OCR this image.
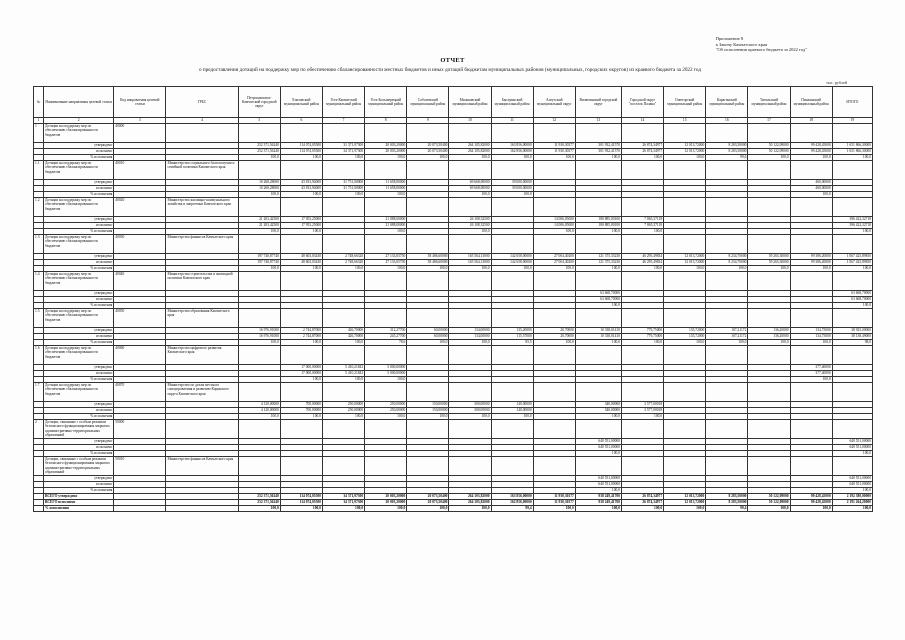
Приложение 8
к Закону Камчатского края
"Об исполнении краевого бюджета за 2022 год"
ОТЧЕТ
о предоставлении дотаций на поддержку мер по обеспечению сбалансированности местных бюджетов и иных дотаций бюджетам муниципальных районов (муниципальных, городских округов) из краевого бюджета за 2022 год
тыс. рублей
№	Наименование направления целевой статьи	Код направления целевой статьи	ГРБС	Петропавловск-Камчатский городской округ	Елизовский муниципальный район	Усть-Камчатский муниципальный район	Усть-Большерецкий муниципальный район	Соболевский муниципальный район	Мильковский муниципальный район	Быстринский муниципальный район	Алеутский муниципальный округ	Вилючинский городской округ	Городской округ "поселок Палана"	Олюторский муниципальный район	Карагинский муниципальный район	Тигильский муниципальный район	Пенжинский муниципальный район	ИТОГО
1	2	3	4	5	6	7	8	9	10	11	12	13	14	15	16	17	18	19
1	Дотации на поддержку мер по обеспечению сбалансированности бюджетов	40000																
	утверждено			252 371,56240	114 074,05500	31 371,97300	20 003,20000	20 073,50400	264 105,82000	163 856,00000	11 930,30377	301 932,41570	26 874,34977	12 013,72000	8 283,50000	50 122,09000	99 428,45000	1 651 866,30000
	исполнено			252 371,56240	114 074,05500	34 371,97300	20 003,20000	20 073,50400	264 105,82000	162 856,00000	11 930,30377	301 932,41570	26 874,34977	12 013,72000	8 283,50000	50 122,09000	99 428,45000	1 651 866,30000
	% исполнения			100,0	100,0	100,0	100,0	100,0	100,0	100,0	100,0	100,0	100,0	100,0	99,6	100,0	100,0	100,0
1.1	Дотации на поддержку мер по обеспечению сбалансированности бюджетов	40010	Министерство социального благополучия и семейной политики Камчатского края															
	утверждено			10 268,28000	43 813,94000	31 751,00000	11 658,00000		69 668,00000	39 000,00000							460,00000	
	исполнено			10 268,28000	43 813,94000	31 751,00000	11 658,00000		69 668,00000	39 000,00000							460,00000	
	% исполнения			100,0	100,0	100,0	100,0		100,0	100,0							100,0	
1.2	Дотации на поддержку мер по обеспечению сбалансированности бюджетов	40020	Министерство жилищно-коммунального хозяйства и энергетики Камчатского края															
	утверждено			21 203,42500	17 953,25000		21 088,00000		26 108,32500		14 006,05000	180 885,00100	7 865,37118					396 422,32718
	исполнено			21 203,42500	17 953,25000		21 088,00000		26 108,32500		14 006,05000	180 885,00100	7 865,37118					396 422,32718
	% исполнения			100,0	100,0		100,0		100,0		100,0	100,0	100,0					100,0
1.3	Дотации на поддержку мер по обеспечению сбалансированности бюджетов	40030	Министерство финансов Камчатского края															
	утверждено			197 740,87740	48 603,03430	2 748,66320	27 133,05750	58 486,60000	165 564,13000	142 658,00000	27 004,40200	121 375,33230	46 295,49834	12 013,72000	8 234,70000	59 265,30000	99 386,20000	1 067 425,89850
	исполнено			197 740,87740	48 603,03430	2 748,66320	27 133,05750	58 486,60000	165 564,13000	142 658,00000	27 004,40200	121 375,33230	46 295,49834	12 013,72000	8 234,70000	59 265,30000	99 386,20000	1 067 425,89850
	% исполнения			100,0	100,0	100,0	100,0	100,0	100,0	100,0	100,0	100,0	100,0	100,0	100,0	100,0	100,0	100,0
1.4	Дотации на поддержку мер по обеспечению сбалансированности бюджетов	40040	Министерство строительства и жилищной политики Камчатского края															
	утверждено											63 668,70000						63 668,70000
	исполнено											63 668,70000						63 668,70000
	% исполнения											100,0						100,0
1.5	Дотации на поддержку мер по обеспечению сбалансированности бюджетов	40050	Министерство образования Камчатского края															
	утверждено			16 976,91000	2 744,87000	426,70000	312,27700	60,00000	134,00000	135,20000	20,70000	10 338,01410	779,75000	135,72000	107,21172	136,20000	134,75000	38 925,00000
	исполнено			16 976,91000	2 744,87000	426,70000	245,27700	60,00000	134,00000	115,57000	20,70000	10 338,01410	779,75000	135,72000	107,21172	136,20000	134,75000	38 138,49000
	% исполнения			100,0	100,0	100,0	78,6	100,0	100,0	85,5	100,0	100,0	100,0	100,0	100,0	100,0	100,0	98,0
1.6	Дотации на поддержку мер по обеспечению сбалансированности бюджетов	40060	Министерство цифрового развития Камчатского края															
	утверждено				17 000,00000	5 410,21843	5 000,00000										377,40000	
	исполнено				17 000,00000	5 410,21843	5 000,00000										377,40000	
	% исполнения				100,0	100,0	100,0										100,0	
1.7	Дотации на поддержку мер по обеспечению сбалансированности бюджетов	40070	Министерство по делам местного самоуправления и развитию Корякского округа Камчатского края															
	утверждено			4 120,00000	700,00000	250,00000	250,00000	150,00000	300,00000	140,00000		340,00000	3 577,00018					
	исполнено			4 120,00000	700,00000	250,00000	250,00000	150,00000	300,00000	140,00000		340,00000	3 577,00018					
	% исполнения			100,0	100,0	100,0	100,0	100,0	100,0	100,0		100,0	100,0					
2	Дотации, связанные с особым режимом безопасного функционирования закрытых административно-территориальных образований	50000																
	утверждено											640 551,00000						640 551,00000
	исполнено											640 551,00000						640 551,00000
	% исполнения											100,0						100,0
	Дотации, связанные с особым режимом безопасного функционирования закрытых административно-территориальных образований	50010	Министерство финансов Камчатского края															
	утверждено											640 551,00000						640 551,00000
	исполнено											640 551,00000						640 551,00000
	% исполнения											100,0						100,0
	ВСЕГО утверждено			252 371,56240	114 074,05500	34 371,97300	20 003,20000	20 073,50400	264 105,82000	163 856,00000	11 930,30377	938 249,41700	26 874,34977	12 013,72000	8 283,50000	50 122,09000	99 428,45000	2 192 380,00000
	ВСЕГО исполнено			252 371,56240	114 074,05500	34 371,97300	20 003,20000	20 073,50400	264 105,82000	162 856,00000	11 930,30377	938 249,41700	26 874,34977	12 013,72000	8 283,50000	50 122,09000	99 428,45000	2 191 264,20000
	% исполнения			100,0	100,0	100,0	100,0	100,0	100,0	99,4	100,0	100,0	100,0	100,0	99,4	100,0	100,0	100,0
